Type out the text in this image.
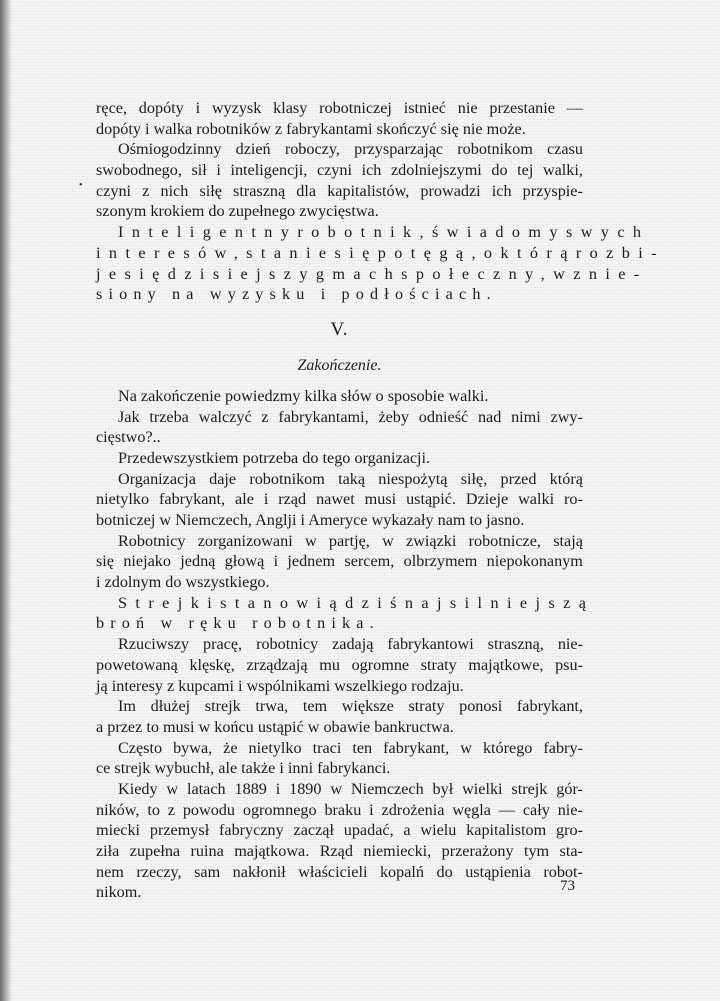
•
ręce, dopóty i wyzysk klasy robotniczej istnieć nie przestanie —
dopóty i walka robotników z fabrykantami skończyć się nie może.
Ośmiogodzinny dzień roboczy, przysparzając robotnikom czasu
swobodnego, sił i inteligencji, czyni ich zdolniejszymi do tej walki,
czyni z nich siłę straszną dla kapitalistów, prowadzi ich przyspie-
szonym krokiem do zupełnego zwycięstwa.
Inteligentny robotnik, świadomy swych
interesów, stanie się potęgą, o którą rozbi-
je się dzisiejszy gmach społeczny, wznie-
siony na wyzysku i podłościach.
V.
Zakończenie.
Na zakończenie powiedzmy kilka słów o sposobie walki.
Jak trzeba walczyć z fabrykantami, żeby odnieść nad nimi zwy-
cięstwo?..
Przedewszystkiem potrzeba do tego organizacji.
Organizacja daje robotnikom taką niespożytą siłę, przed którą
nietylko fabrykant, ale i rząd nawet musi ustąpić. Dzieje walki ro-
botniczej w Niemczech, Anglji i Ameryce wykazały nam to jasno.
Robotnicy zorganizowani w partję, w związki robotnicze, stają
się niejako jedną głową i jednem sercem, olbrzymem niepokonanym
i zdolnym do wszystkiego.
Strejki stanowią dziś najsilniejszą
broń w ręku robotnika.
Rzuciwszy pracę, robotnicy zadają fabrykantowi straszną, nie-
powetowaną klęskę, zrządzają mu ogromne straty majątkowe, psu-
ją interesy z kupcami i wspólnikami wszelkiego rodzaju.
Im dłużej strejk trwa, tem większe straty ponosi fabrykant,
a przez to musi w końcu ustąpić w obawie bankructwa.
Często bywa, że nietylko traci ten fabrykant, w którego fabry-
ce strejk wybuchł, ale także i inni fabrykanci.
Kiedy w latach 1889 i 1890 w Niemczech był wielki strejk gór-
ników, to z powodu ogromnego braku i zdrożenia węgla — cały nie-
miecki przemysł fabryczny zaczął upadać, a wielu kapitalistom gro-
ziła zupełna ruina majątkowa. Rząd niemiecki, przerażony tym sta-
nem rzeczy, sam nakłonił właścicieli kopalń do ustąpienia robot-
nikom.	73
